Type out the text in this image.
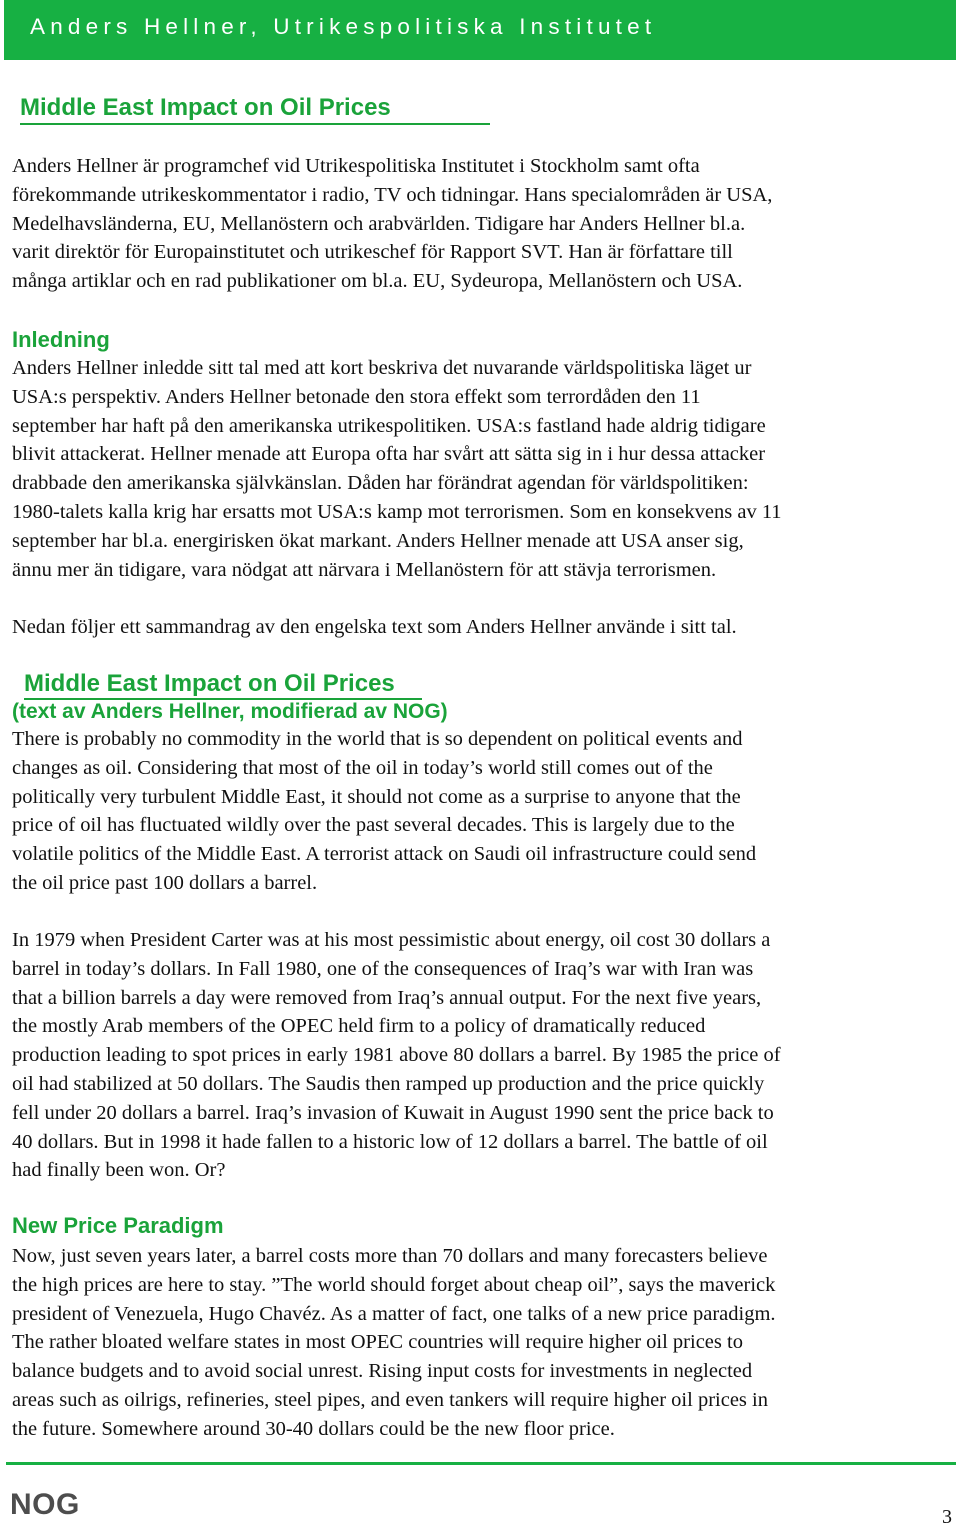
Anders Hellner, Utrikespolitiska Institutet
Middle East Impact on Oil Prices
Anders Hellner är programchef vid Utrikespolitiska Institutet i Stockholm samt ofta
förekommande utrikeskommentator i radio, TV och tidningar. Hans specialområden är USA,
Medelhavsländerna, EU, Mellanöstern och arabvärlden. Tidigare har Anders Hellner bl.a.
varit direktör för Europainstitutet och utrikeschef för Rapport SVT. Han är författare till
många artiklar och en rad publikationer om bl.a. EU, Sydeuropa, Mellanöstern och USA.
Inledning
Anders Hellner inledde sitt tal med att kort beskriva det nuvarande världspolitiska läget ur
USA:s perspektiv. Anders Hellner betonade den stora effekt som terrordåden den 11
september har haft på den amerikanska utrikespolitiken. USA:s fastland hade aldrig tidigare
blivit attackerat. Hellner menade att Europa ofta har svårt att sätta sig in i hur dessa attacker
drabbade den amerikanska självkänslan. Dåden har förändrat agendan för världspolitiken:
1980-talets kalla krig har ersatts mot USA:s kamp mot terrorismen. Som en konsekvens av 11
september har bl.a. energirisken ökat markant. Anders Hellner menade att USA anser sig,
ännu mer än tidigare, vara nödgat att närvara i Mellanöstern för att stävja terrorismen.
Nedan följer ett sammandrag av den engelska text som Anders Hellner använde i sitt tal.
Middle East Impact on Oil Prices
(text av Anders Hellner, modifierad av NOG)
There is probably no commodity in the world that is so dependent on political events and
changes as oil. Considering that most of the oil in today’s world still comes out of the
politically very turbulent Middle East, it should not come as a surprise to anyone that the
price of oil has fluctuated wildly over the past several decades. This is largely due to the
volatile politics of the Middle East. A terrorist attack on Saudi oil infrastructure could send
the oil price past 100 dollars a barrel.
In 1979 when President Carter was at his most pessimistic about energy, oil cost 30 dollars a
barrel in today’s dollars. In Fall 1980, one of the consequences of Iraq’s war with Iran was
that a billion barrels a day were removed from Iraq’s annual output. For the next five years,
the mostly Arab members of the OPEC held firm to a policy of dramatically reduced
production leading to spot prices in early 1981 above 80 dollars a barrel. By 1985 the price of
oil had stabilized at 50 dollars. The Saudis then ramped up production and the price quickly
fell under 20 dollars a barrel. Iraq’s invasion of Kuwait in August 1990 sent the price back to
40 dollars. But in 1998 it hade fallen to a historic low of 12 dollars a barrel. The battle of oil
had finally been won. Or?
New Price Paradigm
Now, just seven years later, a barrel costs more than 70 dollars and many forecasters believe
the high prices are here to stay. ”The world should forget about cheap oil”, says the maverick
president of Venezuela, Hugo Chavéz. As a matter of fact, one talks of a new price paradigm.
The rather bloated welfare states in most OPEC countries will require higher oil prices to
balance budgets and to avoid social unrest. Rising input costs for investments in neglected
areas such as oilrigs, refineries, steel pipes, and even tankers will require higher oil prices in
the future. Somewhere around 30-40 dollars could be the new floor price.
NOG	3
